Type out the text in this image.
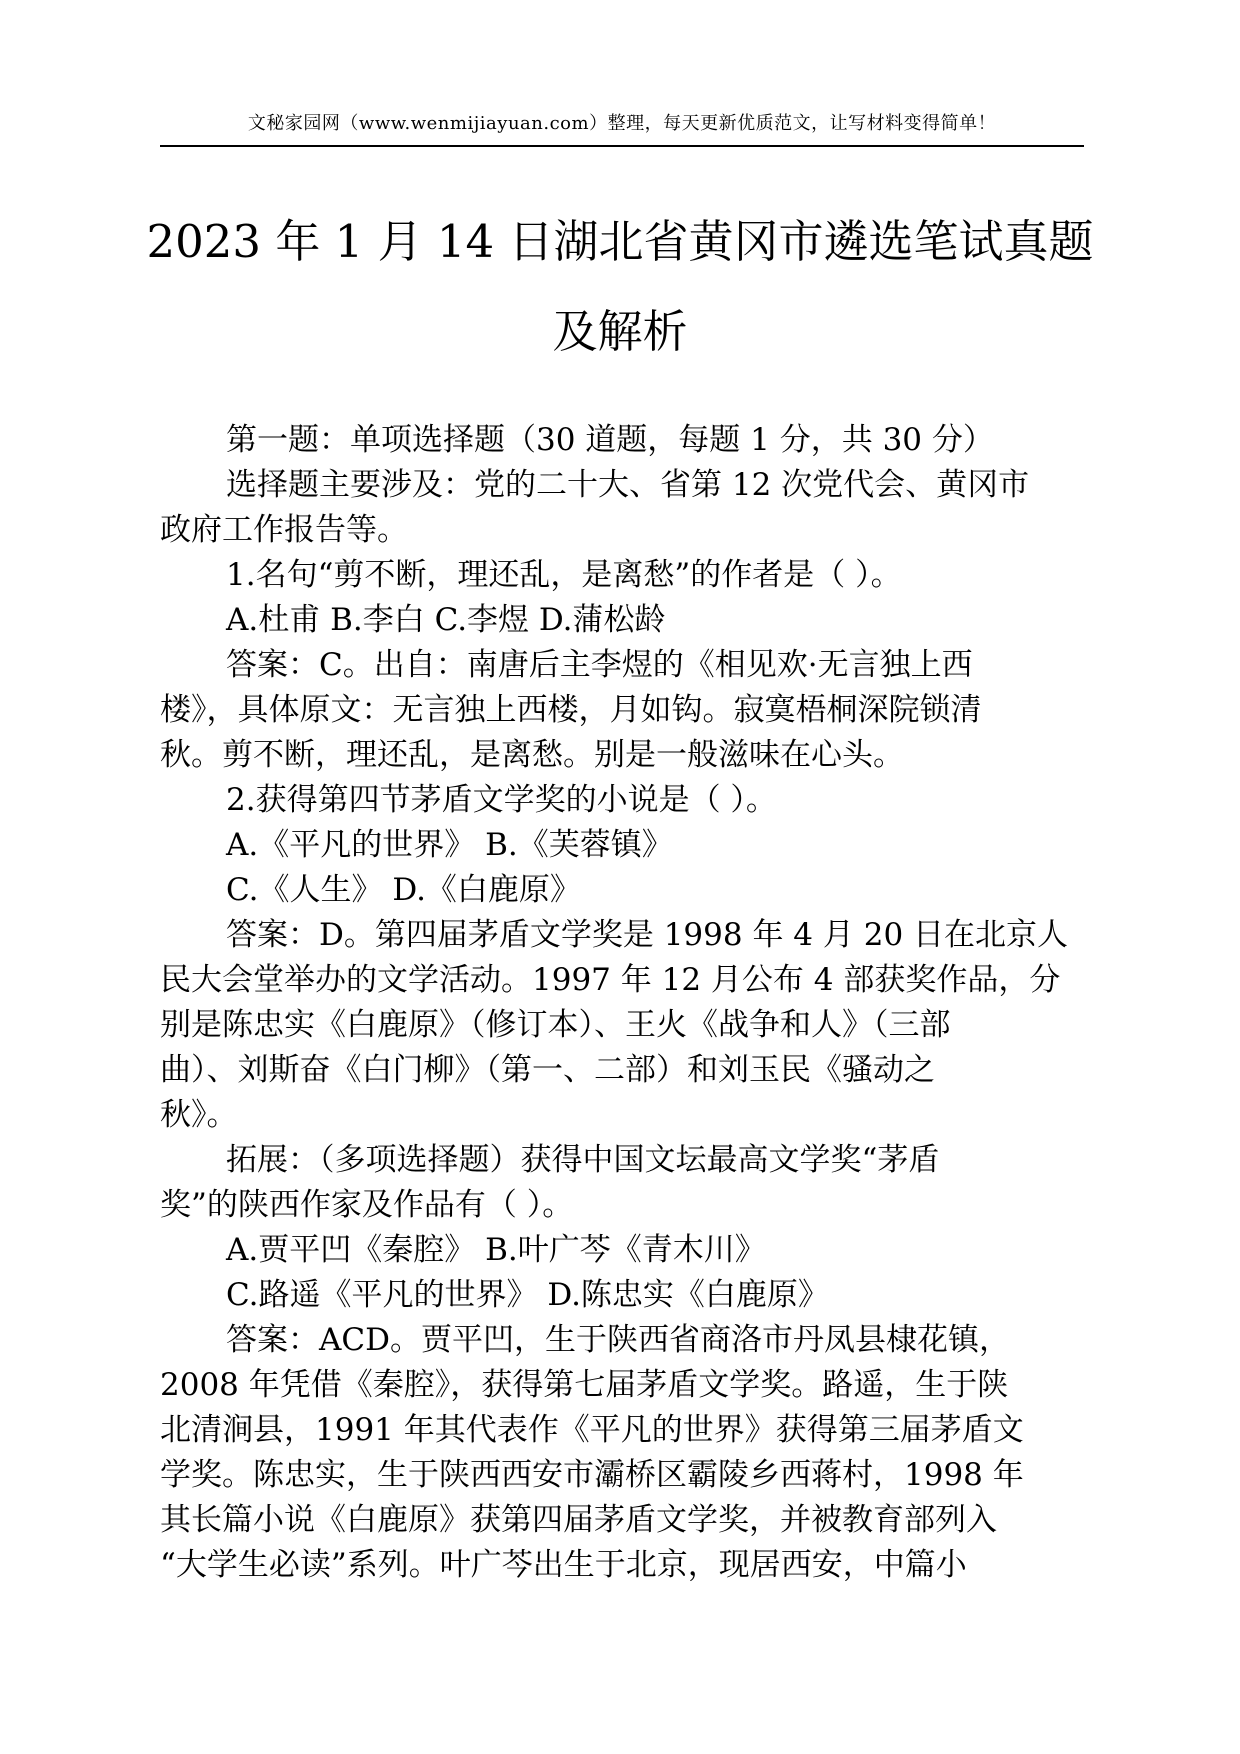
文秘家园网（www.wenmijiayuan.com）整理，每天更新优质范文，让写材料变得简单！
2023 年 1 月 14 日湖北省黄冈市遴选笔试真题
及解析
第一题：单项选择题（30 道题，每题 1 分，共 30 分）
选择题主要涉及：党的二十大、省第 12 次党代会、黄冈市
政府工作报告等。
1.名句“剪不断，理还乱，是离愁”的作者是（ ）。
A.杜甫 B.李白 C.李煜 D.蒲松龄
答案：C。出自：南唐后主李煜的《相见欢·无言独上西
楼》，具体原文：无言独上西楼，月如钩。寂寞梧桐深院锁清
秋。剪不断，理还乱，是离愁。别是一般滋味在心头。
2.获得第四节茅盾文学奖的小说是（ ）。
A.《平凡的世界》 B.《芙蓉镇》
C.《人生》 D.《白鹿原》
答案：D。第四届茅盾文学奖是 1998 年 4 月 20 日在北京人
民大会堂举办的文学活动。1997 年 12 月公布 4 部获奖作品，分
别是陈忠实《白鹿原》（修订本）、王火《战争和人》（三部
曲）、刘斯奋《白门柳》（第一、二部）和刘玉民《骚动之
秋》。
拓展：（多项选择题）获得中国文坛最高文学奖“茅盾
奖”的陕西作家及作品有（ ）。
A.贾平凹《秦腔》 B.叶广芩《青木川》
C.路遥《平凡的世界》 D.陈忠实《白鹿原》
答案：ACD。贾平凹，生于陕西省商洛市丹凤县棣花镇，
2008 年凭借《秦腔》，获得第七届茅盾文学奖。路遥，生于陕
北清涧县，1991 年其代表作《平凡的世界》获得第三届茅盾文
学奖。陈忠实，生于陕西西安市灞桥区霸陵乡西蒋村，1998 年
其长篇小说《白鹿原》获第四届茅盾文学奖，并被教育部列入
“大学生必读”系列。叶广芩出生于北京，现居西安，中篇小
